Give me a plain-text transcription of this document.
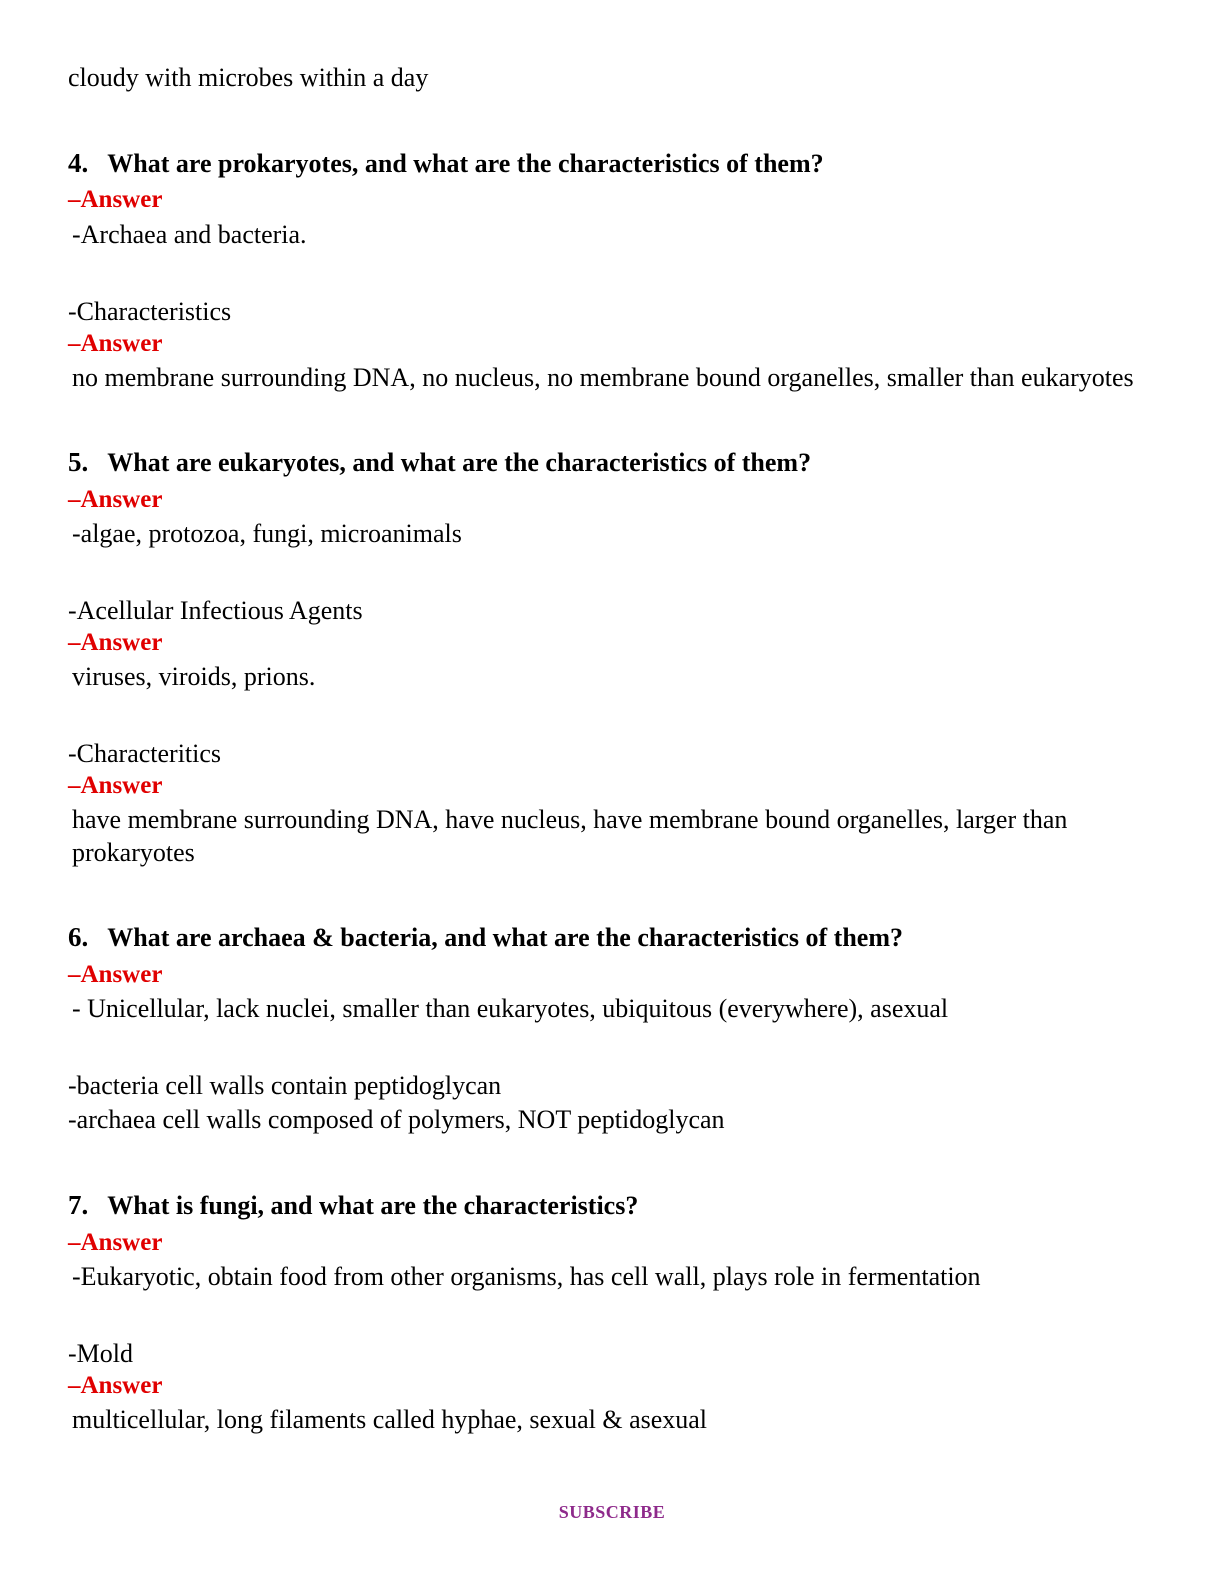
cloudy with microbes within a day

4. What are prokaryotes, and what are the characteristics of them?

–Answer

-Archaea and bacteria.

-Characteristics

–Answer

no membrane surrounding DNA, no nucleus, no membrane bound organelles, smaller than eukaryotes

5. What are eukaryotes, and what are the characteristics of them?

–Answer

-algae, protozoa, fungi, microanimals

-Acellular Infectious Agents

–Answer

viruses, viroids, prions.

-Characteritics

–Answer

have membrane surrounding DNA, have nucleus, have membrane bound organelles, larger than prokaryotes

6. What are archaea & bacteria, and what are the characteristics of them?

–Answer

- Unicellular, lack nuclei, smaller than eukaryotes, ubiquitous (everywhere), asexual

-bacteria cell walls contain peptidoglycan

-archaea cell walls composed of polymers, NOT peptidoglycan

7. What is fungi, and what are the characteristics?

–Answer

-Eukaryotic, obtain food from other organisms, has cell wall, plays role in fermentation

-Mold

–Answer

multicellular, long filaments called hyphae, sexual & asexual

SUBSCRIBE
